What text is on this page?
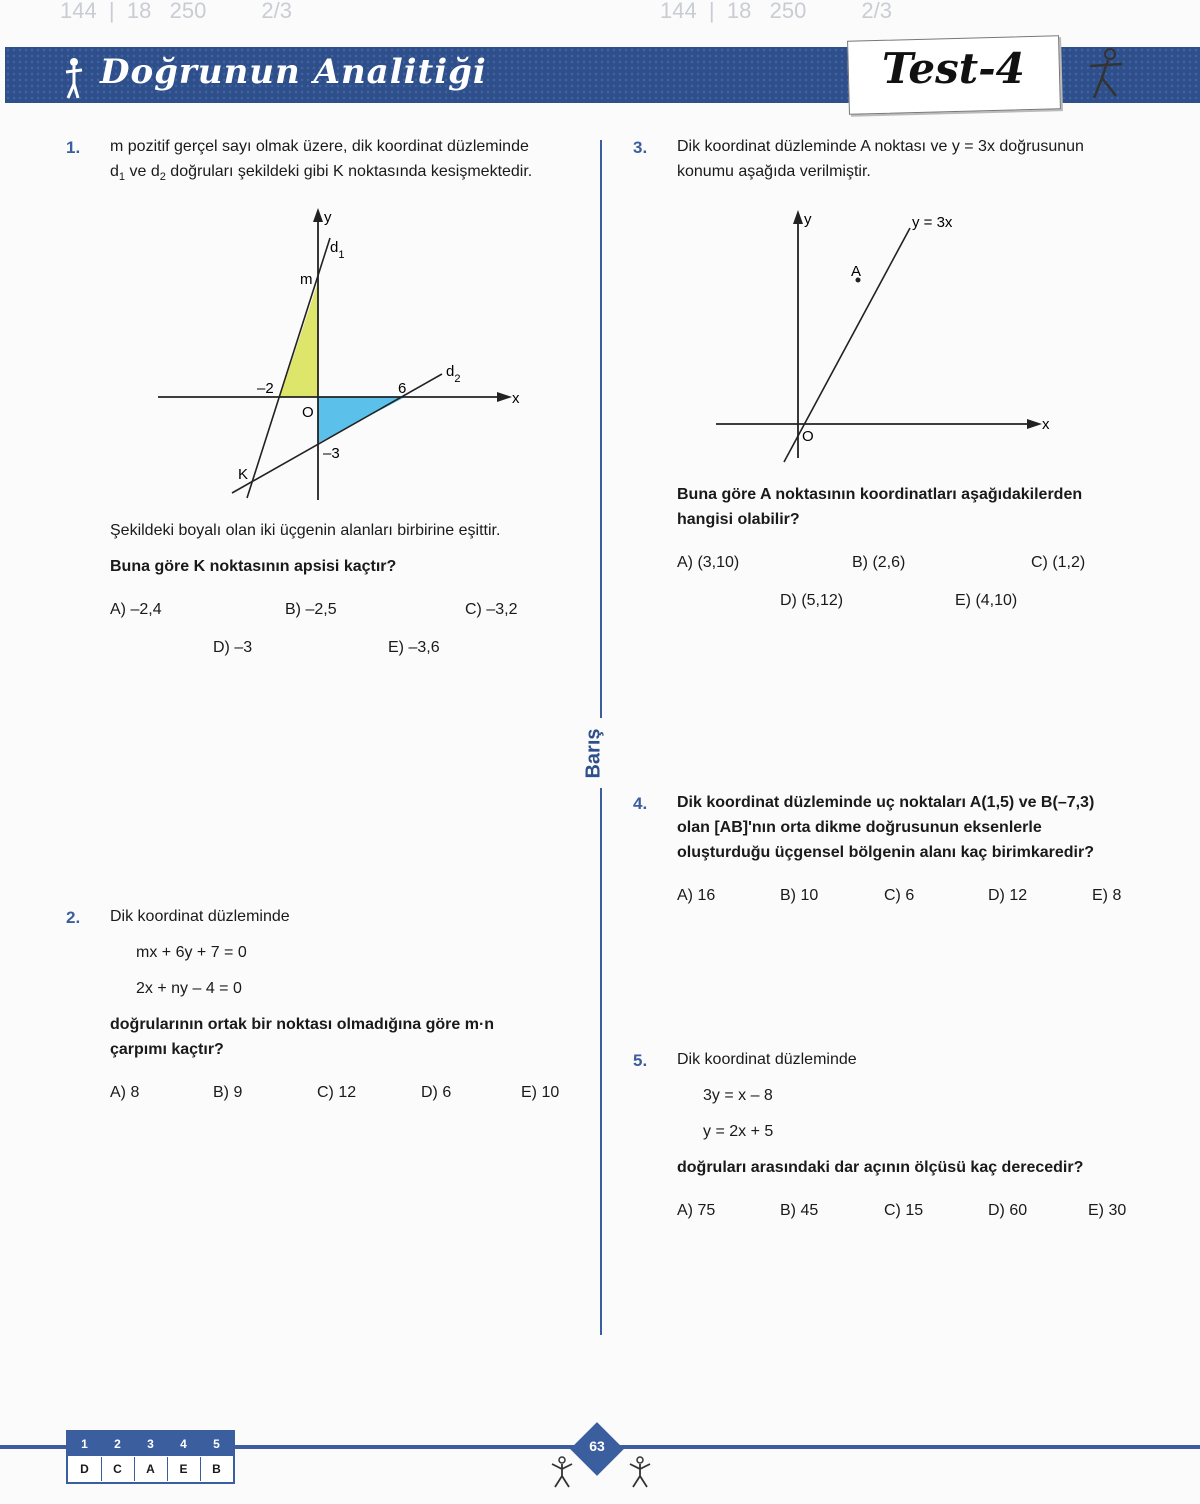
144  |  18   250         2/3	144  |  18   250         2/3
Doğrunun Analitiği	Test-4
Barış
1. m pozitif gerçel sayı olmak üzere, dik koordinat düzleminde
$d_1$ ve $d_2$ doğruları şekildeki gibi K noktasında kesişmektedir.
y
x
$d_1$
$d_2$
m
–2	6
O
–3
K
Şekildeki boyalı olan iki üçgenin alanları birbirine eşittir.
Buna göre K noktasının apsisi kaçtır?
A) –2,4	B) –2,5	C) –3,2
D) –3	E) –3,6
2. Dik koordinat düzleminde
mx + 6y + 7 = 0
2x + ny – 4 = 0
doğrularının ortak bir noktası olmadığına göre m·n
çarpımı kaçtır?
A) 8	B) 9	C) 12	D) 6	E) 10
3. Dik koordinat düzleminde A noktası ve y = 3x doğrusunun
konumu aşağıda verilmiştir.
y
x
y = 3x
A
O
Buna göre A noktasının koordinatları aşağıdakilerden
hangisi olabilir?
A) (3,10)	B) (2,6)	C) (1,2)
D) (5,12)	E) (4,10)
4. Dik koordinat düzleminde uç noktaları A(1,5) ve B(–7,3)
olan [AB]'nın orta dikme doğrusunun eksenlerle
oluşturduğu üçgensel bölgenin alanı kaç birimkaredir?
A) 16	B) 10	C) 6	D) 12	E) 8
5. Dik koordinat düzleminde
3y = x – 8
y = 2x + 5
doğruları arasındaki dar açının ölçüsü kaç derecedir?
A) 75	B) 45	C) 15	D) 60	E) 30
1	2	3	4	5
D	C	A	E	B
63
